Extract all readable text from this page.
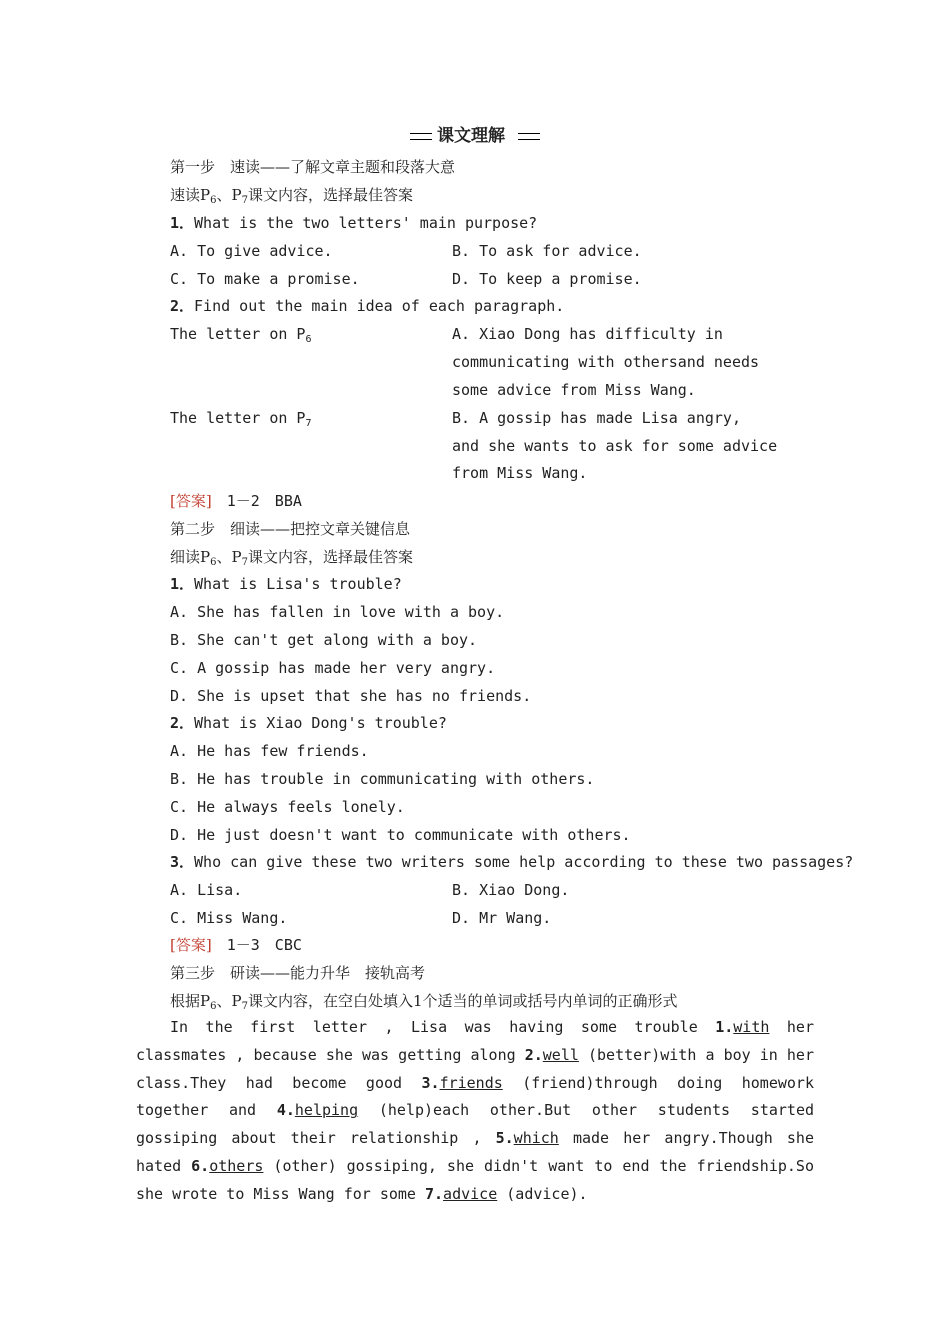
课文理解
第一步　速读——了解文章主题和段落大意
速读$P_6$、$P_7$课文内容，选择最佳答案
1．What is the two letters' main purpose?
A. To give advice.	B. To ask for advice.
C. To make a promise.	D. To keep a promise.
2．Find out the main idea of each paragraph.
The letter on $P_6$	A. Xiao Dong has difficulty in
communicating with othersand needs
some advice from Miss Wang.
The letter on $P_7$	B. A gossip has made Lisa angry,
and she wants to ask for some advice
from Miss Wang.
[答案]　 1－2　BBA
第二步　细读——把控文章关键信息
细读$P_6$、$P_7$课文内容，选择最佳答案
1．What is Lisa's trouble?
A. She has fallen in love with a boy.
B. She can't get along with a boy.
C. A gossip has made her very angry.
D. She is upset that she has no friends.
2．What is Xiao Dong's trouble?
A. He has few friends.
B. He has trouble in communicating with others.
C. He always feels lonely.
D. He just doesn't want to communicate with others.
3．Who can give these two writers some help according to these two passages?
A. Lisa.	B. Xiao Dong.
C. Miss Wang.	D. Mr Wang.
[答案]　 1－3　CBC
第三步　研读——能力升华　接轨高考
根据$P_6$、$P_7$课文内容，在空白处填入1个适当的单词或括号内单词的正确形式
In the first letter , Lisa was having some trouble 1.with her classmates , because she was getting along 2.well (better)with a boy in her class.They had become good 3.friends (friend)through doing homework together and 4.helping (help)each other.But other students started gossiping about their relationship , 5.which made her angry.Though she hated 6.others (other) gossiping, she didn't want to end the friendship.So she wrote to Miss Wang for some 7.advice (advice).
